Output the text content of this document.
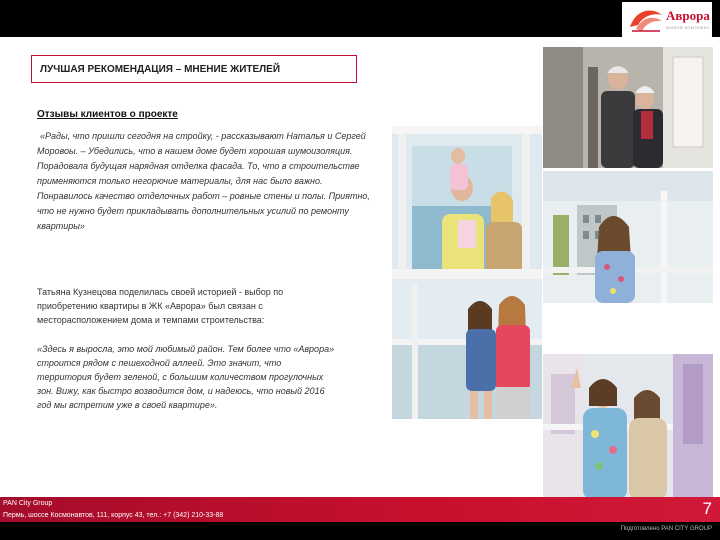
Аврора
ЖИЛОЙ КОМПЛЕКС
ЛУЧШАЯ РЕКОМЕНДАЦИЯ – МНЕНИЕ ЖИТЕЛЕЙ
Отзывы клиентов о проекте
«Рады, что пришли сегодня на стройку, - рассказывают Наталья и Сергей Моровоы. – Убедились, что в нашем доме будет хорошая шумоизоляция. Порадовала будущая нарядная отделка фасада. То, что в строительстве применяются только негорючие материалы, для нас было важно. Понравилось качество отделочных работ – ровные стены и полы. Приятно, что не нужно будет прикладывать дополнительных усилий по ремонту квартиры»
Татьяна Кузнецова поделилась своей историей - выбор по приобретению квартиры в ЖК «Аврора» был связан с месторасположением дома и темпами строительства:
«Здесь я выросла, это мой любимый район. Тем более что «Аврора» строится рядом с пешеходной аллеей. Это значит, что территория будет зеленой, с большим количеством прогулочных зон. Вижу, как быстро возводится дом, и надеюсь, что новый 2016 год мы встретим уже в своей квартире».
PAN City Group
Пермь, шоссе Космонавтов, 111, корпус 43, тел.: +7 (342) 210-33-88	7
Подготовлено PAN CITY GROUP
